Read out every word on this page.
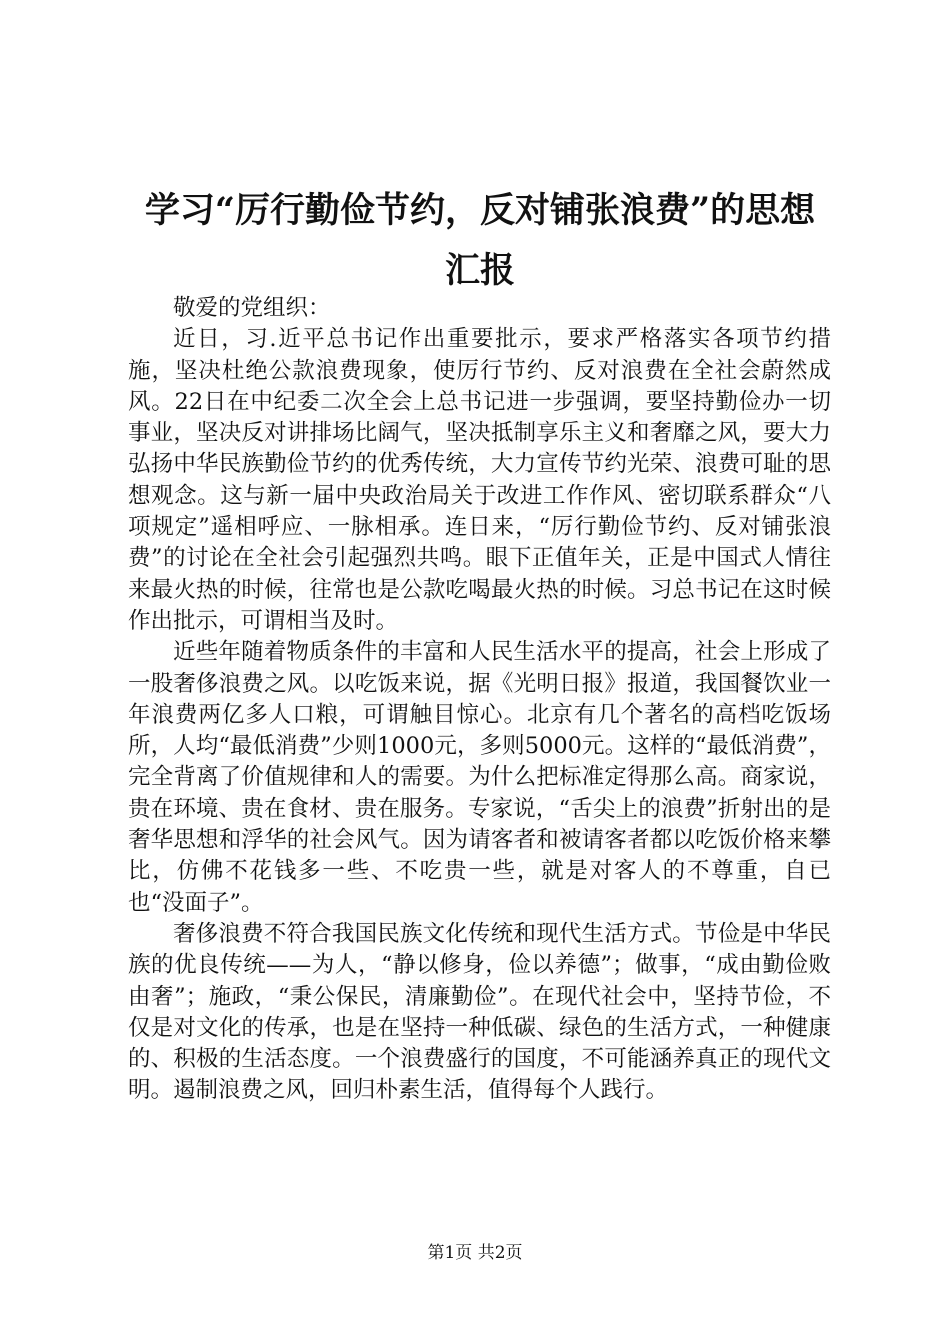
学习“厉行勤俭节约，反对铺张浪费”的思想
汇报

敬爱的党组织：

近日，习.近平总书记作出重要批示，要求严格落实各项节约措施，坚决杜绝公款浪费现象，使厉行节约、反对浪费在全社会蔚然成风。22日在中纪委二次全会上总书记进一步强调，要坚持勤俭办一切事业，坚决反对讲排场比阔气，坚决抵制享乐主义和奢靡之风，要大力弘扬中华民族勤俭节约的优秀传统，大力宣传节约光荣、浪费可耻的思想观念。这与新一届中央政治局关于改进工作作风、密切联系群众“八项规定”遥相呼应、一脉相承。连日来，“厉行勤俭节约、反对铺张浪费”的讨论在全社会引起强烈共鸣。眼下正值年关，正是中国式人情往来最火热的时候，往常也是公款吃喝最火热的时候。习总书记在这时候作出批示，可谓相当及时。

近些年随着物质条件的丰富和人民生活水平的提高，社会上形成了一股奢侈浪费之风。以吃饭来说，据《光明日报》报道，我国餐饮业一年浪费两亿多人口粮，可谓触目惊心。北京有几个著名的高档吃饭场所，人均“最低消费”少则1000元，多则5000元。这样的“最低消费”，完全背离了价值规律和人的需要。为什么把标准定得那么高。商家说，贵在环境、贵在食材、贵在服务。专家说，“舌尖上的浪费”折射出的是奢华思想和浮华的社会风气。因为请客者和被请客者都以吃饭价格来攀比，仿佛不花钱多一些、不吃贵一些，就是对客人的不尊重，自已也“没面子”。

奢侈浪费不符合我国民族文化传统和现代生活方式。节俭是中华民族的优良传统——为人，“静以修身，俭以养德”；做事，“成由勤俭败由奢”；施政，“秉公保民，清廉勤俭”。在现代社会中，坚持节俭，不仅是对文化的传承，也是在坚持一种低碳、绿色的生活方式，一种健康的、积极的生活态度。一个浪费盛行的国度，不可能涵养真正的现代文明。遏制浪费之风，回归朴素生活，值得每个人践行。

第1页 共2页
